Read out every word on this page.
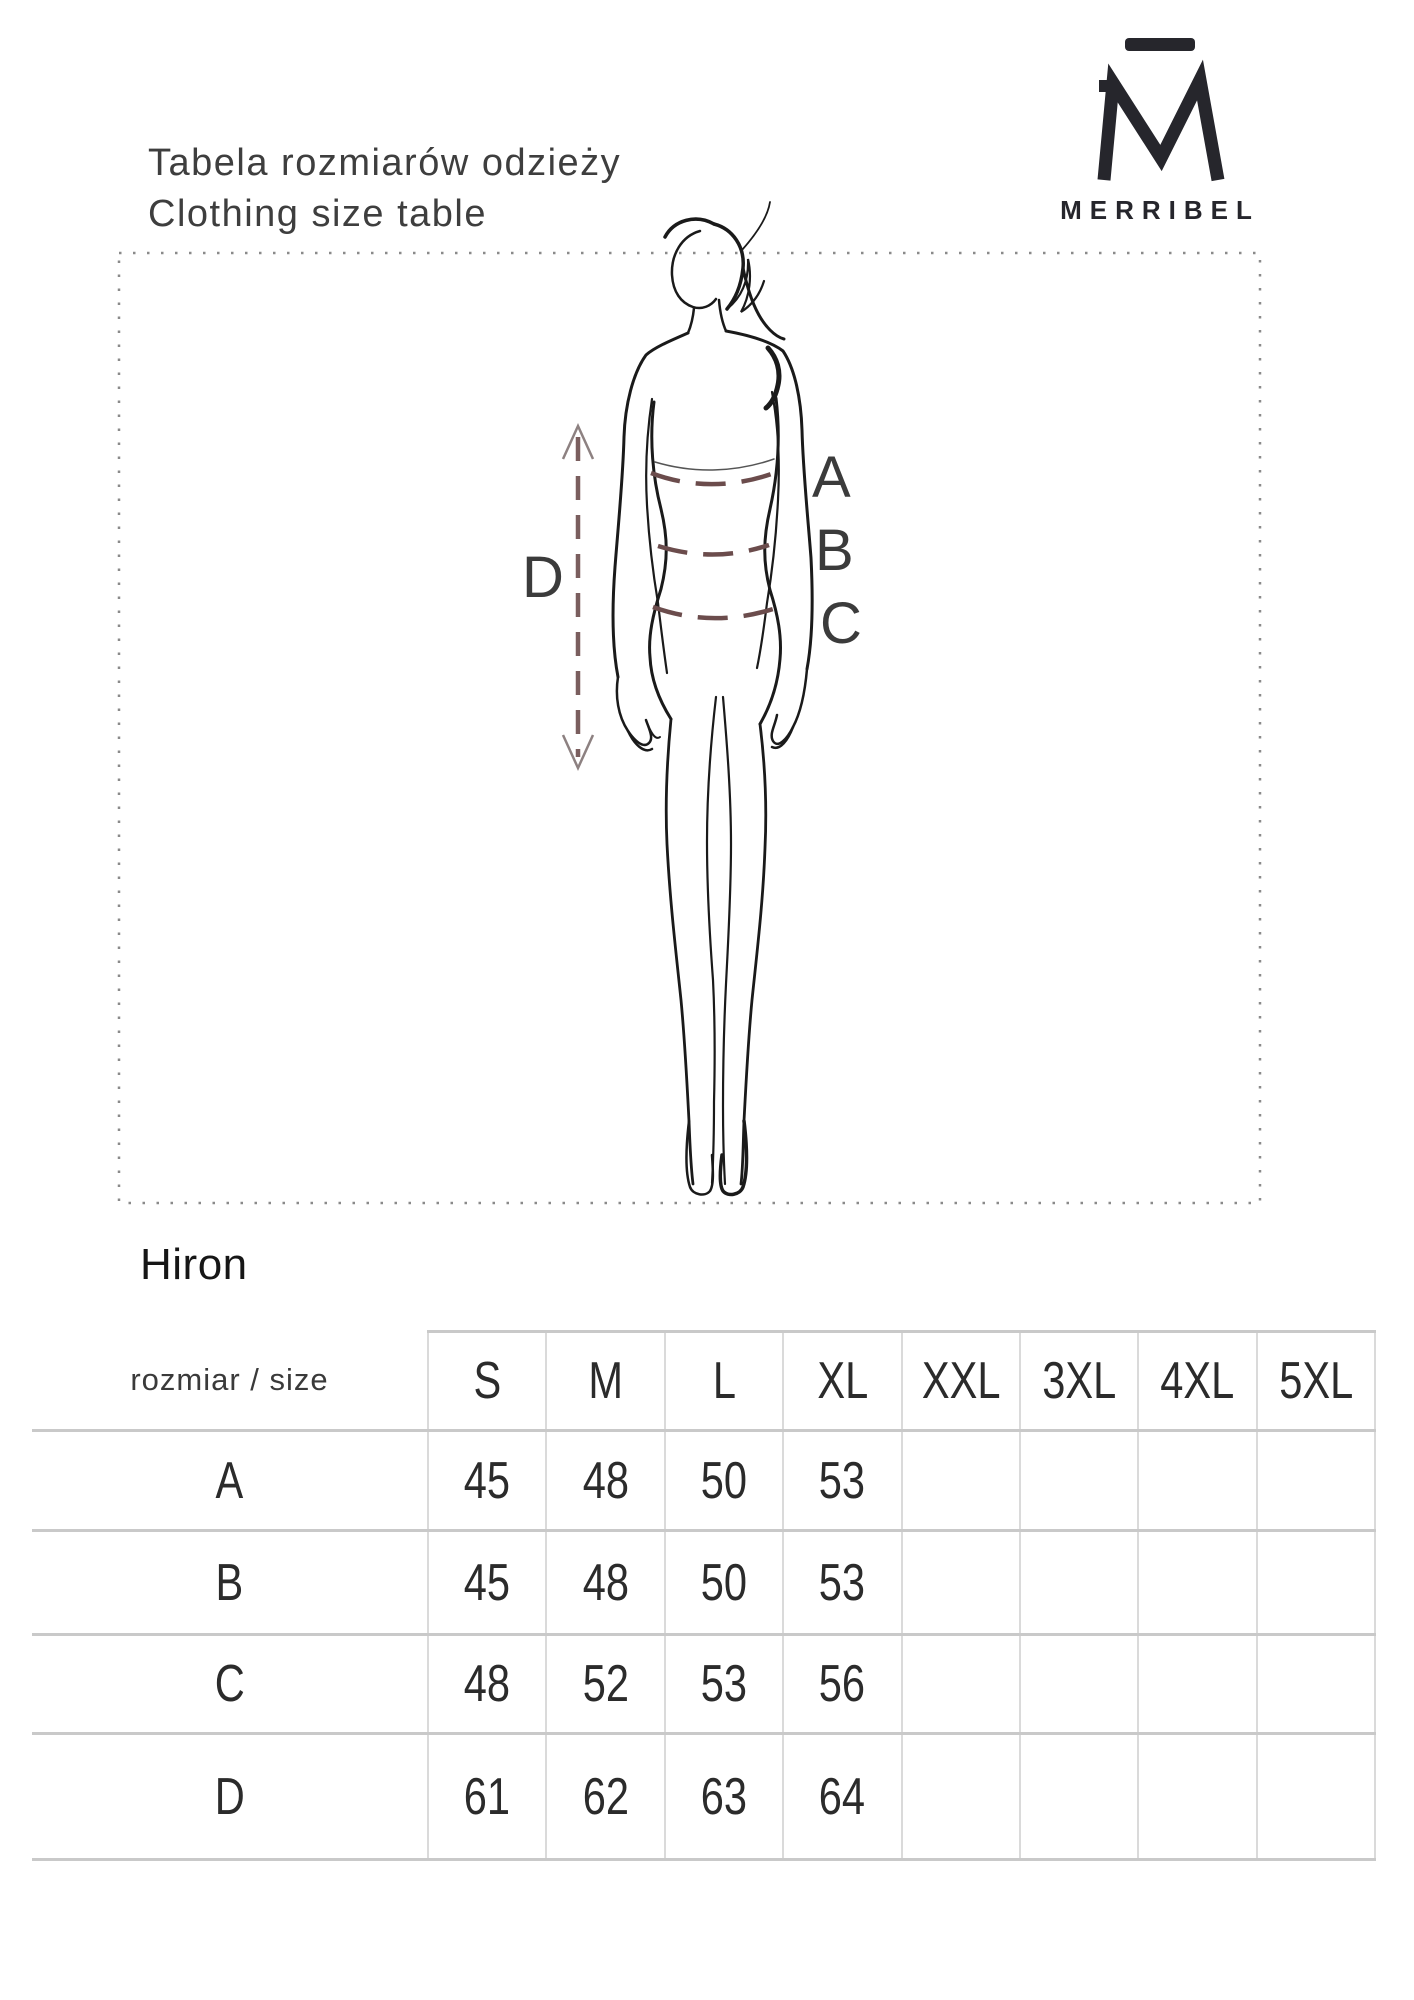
Tabela rozmiarów odzieży
Clothing size table	MERRIBEL
A
B
C
D
Hiron
rozmiar / size	S	M	L	XL	XXL	3XL	4XL	5XL
A	45	48	50	53				
B	45	48	50	53				
C	48	52	53	56				
D	61	62	63	64				
